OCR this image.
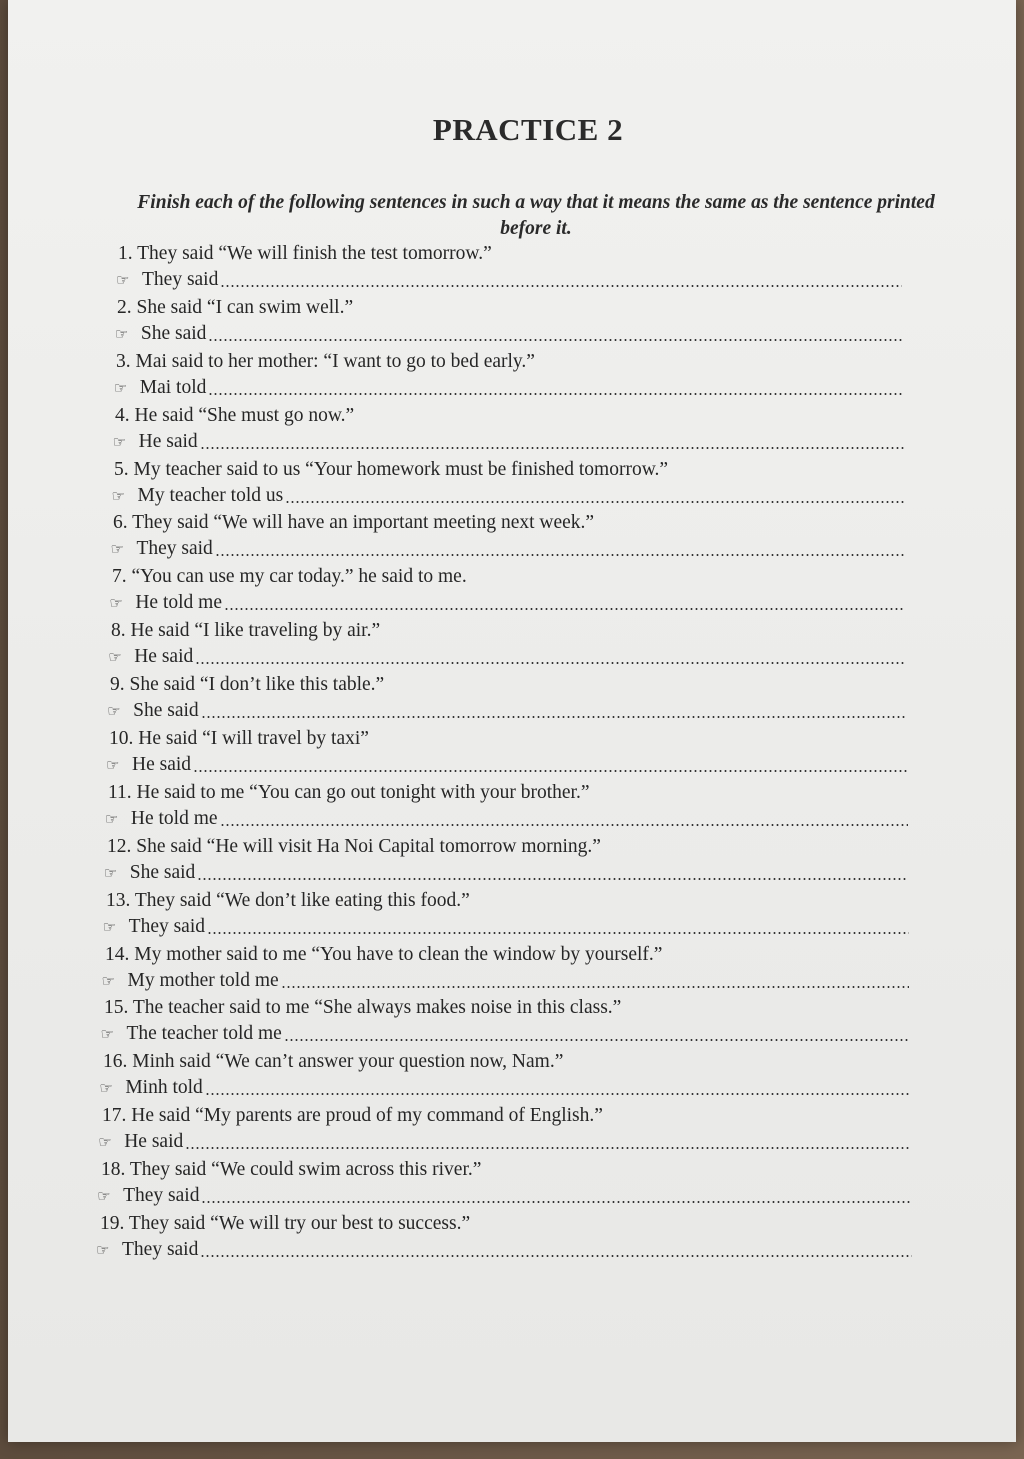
PRACTICE 2
Finish each of the following sentences in such a way that it means the same as the sentence printed before it.
1. They said “We will finish the test tomorrow.”
☞ They said
2. She said “I can swim well.”
☞ She said
3. Mai said to her mother: “I want to go to bed early.”
☞ Mai told
4. He said “She must go now.”
☞ He said
5. My teacher said to us “Your homework must be finished tomorrow.”
☞ My teacher told us
6. They said “We will have an important meeting next week.”
☞ They said
7. “You can use my car today.” he said to me.
☞ He told me
8. He said “I like traveling by air.”
☞ He said
9. She said “I don’t like this table.”
☞ She said
10. He said “I will travel by taxi”
☞ He said
11. He said to me “You can go out tonight with your brother.”
☞ He told me
12. She said “He will visit Ha Noi Capital tomorrow morning.”
☞ She said
13. They said “We don’t like eating this food.”
☞ They said
14. My mother said to me “You have to clean the window by yourself.”
☞ My mother told me
15. The teacher said to me “She always makes noise in this class.”
☞ The teacher told me
16. Minh said “We can’t answer your question now, Nam.”
☞ Minh told
17. He said “My parents are proud of my command of English.”
☞ He said
18. They said “We could swim across this river.”
☞ They said
19. They said “We will try our best to success.”
☞ They said
